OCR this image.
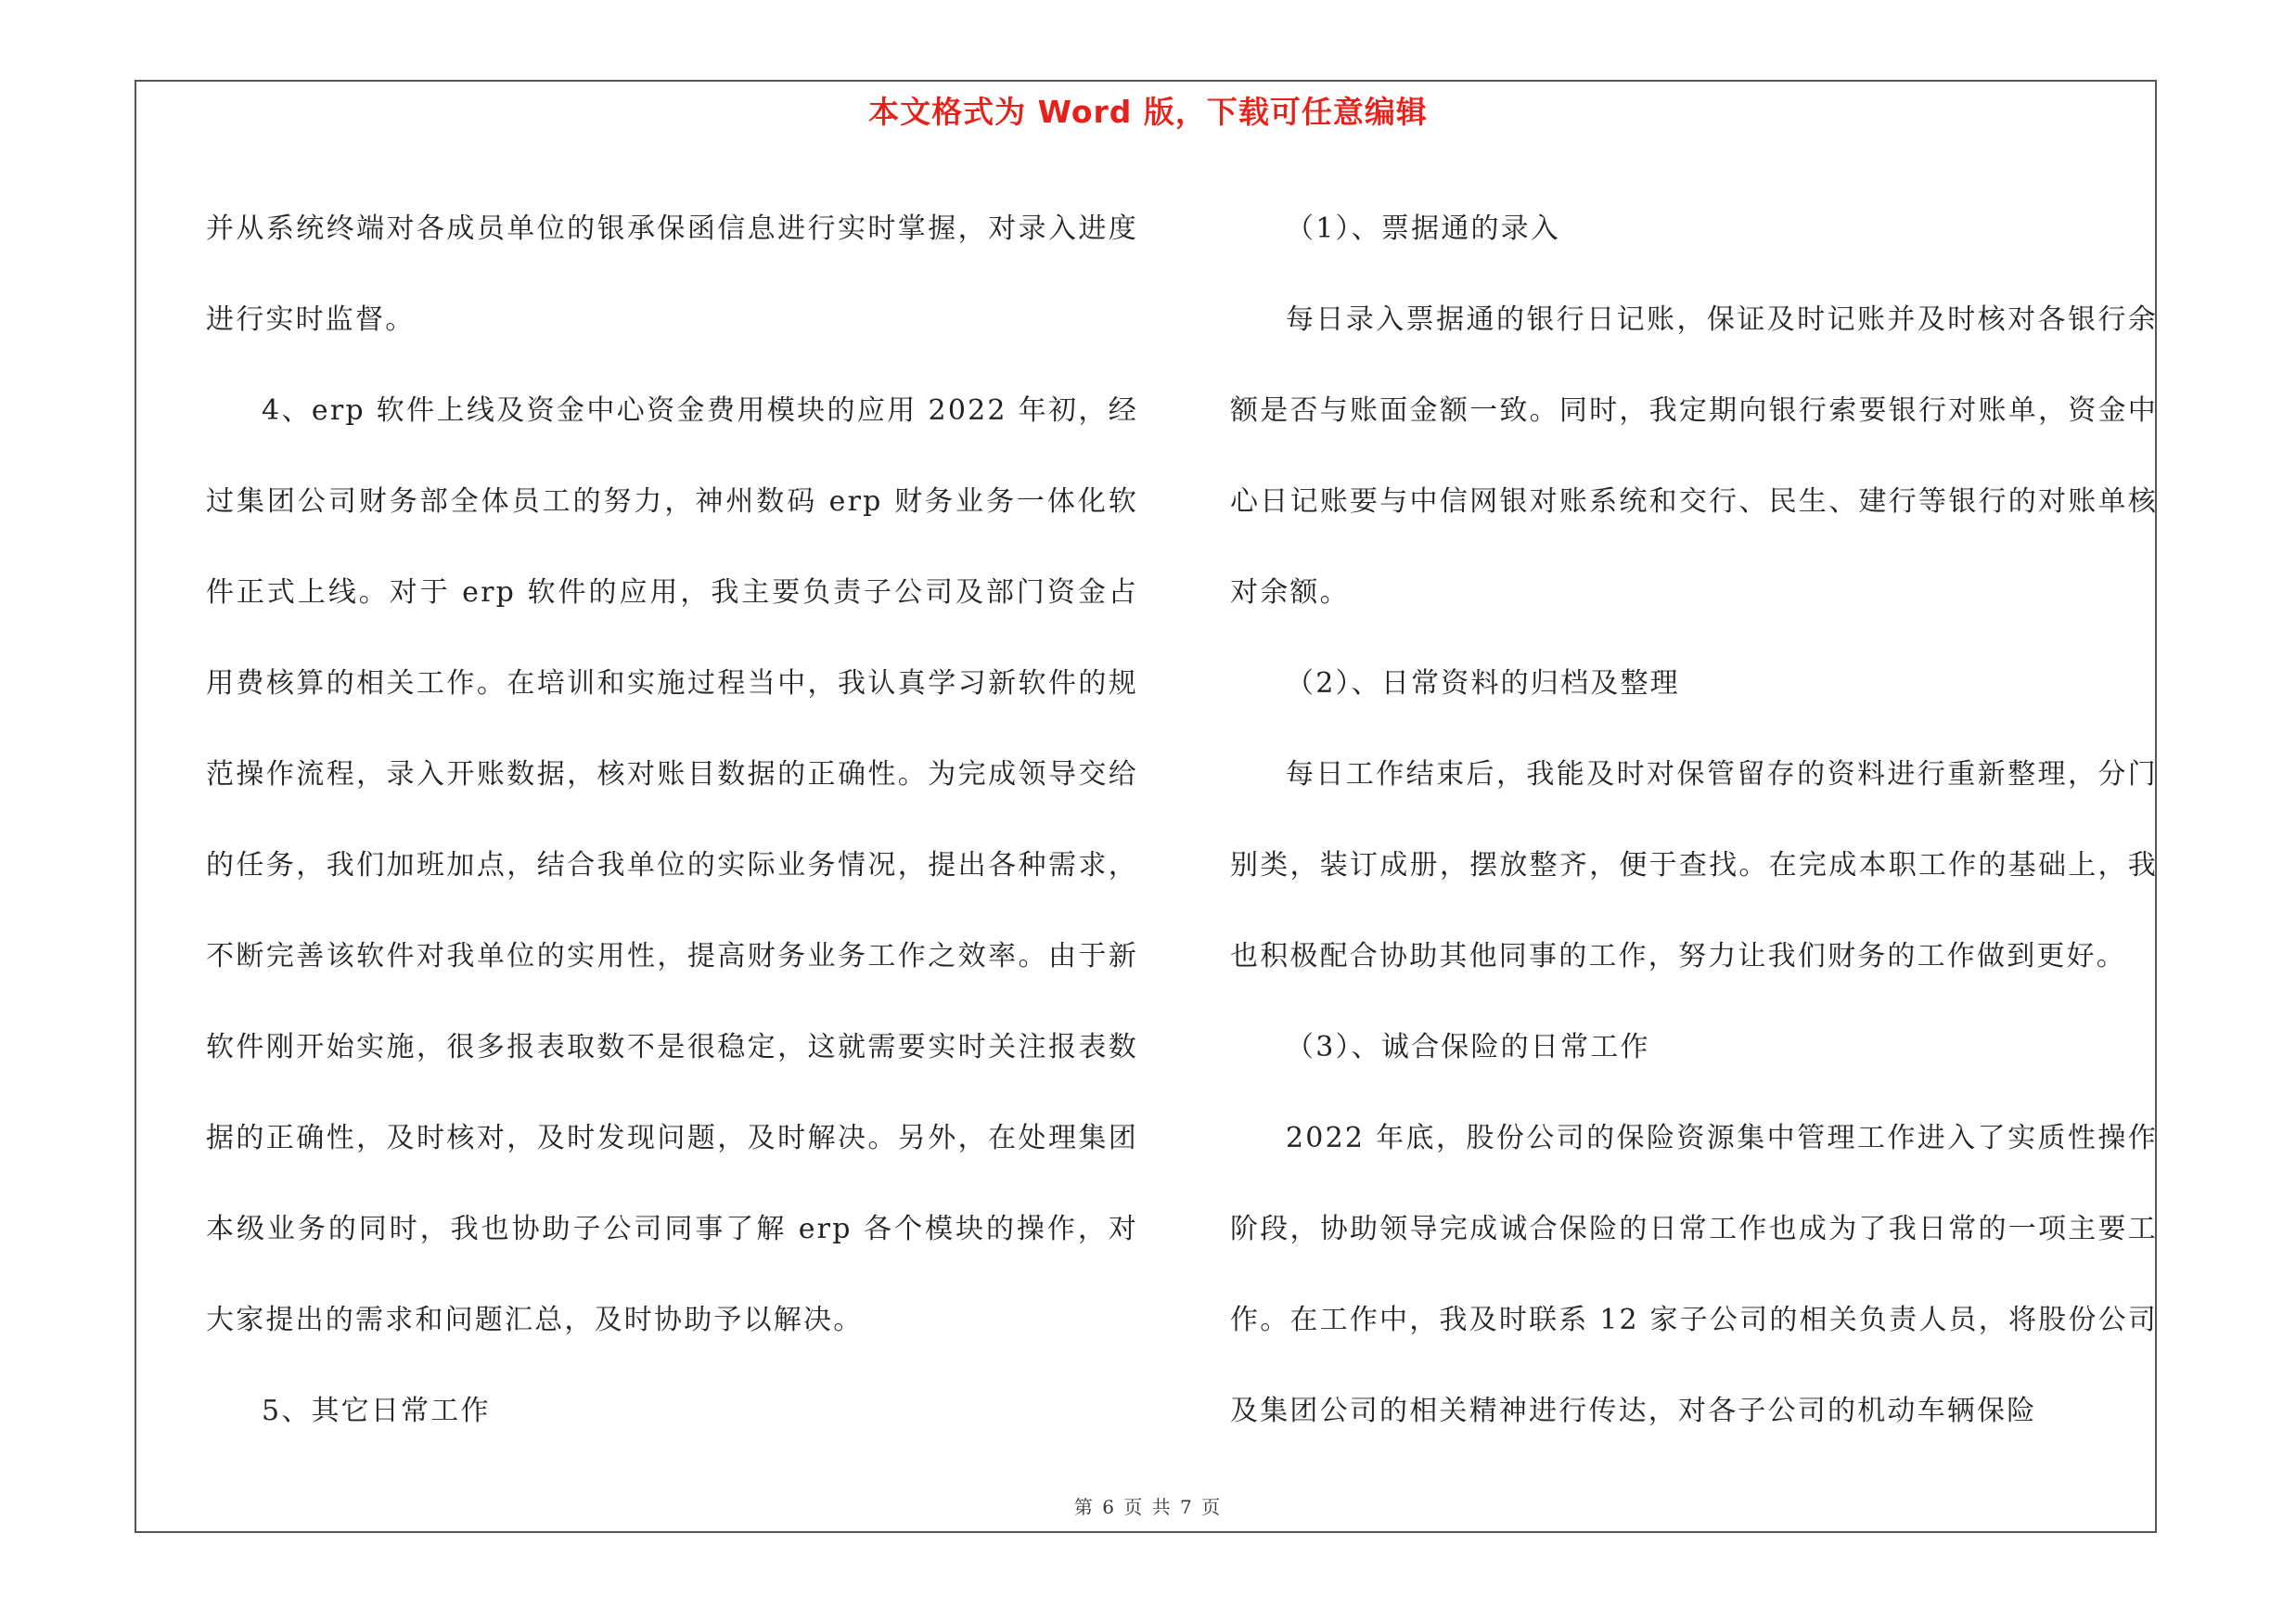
本文格式为 Word 版，下载可任意编辑

并从系统终端对各成员单位的银承保函信息进行实时掌握，对录入进度进行实时监督。

4、erp 软件上线及资金中心资金费用模块的应用 2022 年初，经过集团公司财务部全体员工的努力，神州数码 erp 财务业务一体化软件正式上线。对于 erp 软件的应用，我主要负责子公司及部门资金占用费核算的相关工作。在培训和实施过程当中，我认真学习新软件的规范操作流程，录入开账数据，核对账目数据的正确性。为完成领导交给的任务，我们加班加点，结合我单位的实际业务情况，提出各种需求，不断完善该软件对我单位的实用性，提高财务业务工作之效率。由于新软件刚开始实施，很多报表取数不是很稳定，这就需要实时关注报表数据的正确性，及时核对，及时发现问题，及时解决。另外，在处理集团本级业务的同时，我也协助子公司同事了解 erp 各个模块的操作，对大家提出的需求和问题汇总，及时协助予以解决。

5、其它日常工作

（1）、票据通的录入

每日录入票据通的银行日记账，保证及时记账并及时核对各银行余额是否与账面金额一致。同时，我定期向银行索要银行对账单，资金中心日记账要与中信网银对账系统和交行、民生、建行等银行的对账单核对余额。

（2）、日常资料的归档及整理

每日工作结束后，我能及时对保管留存的资料进行重新整理，分门别类，装订成册，摆放整齐，便于查找。在完成本职工作的基础上，我也积极配合协助其他同事的工作，努力让我们财务的工作做到更好。

（3）、诚合保险的日常工作

2022 年底，股份公司的保险资源集中管理工作进入了实质性操作阶段，协助领导完成诚合保险的日常工作也成为了我日常的一项主要工作。在工作中，我及时联系 12 家子公司的相关负责人员，将股份公司及集团公司的相关精神进行传达，对各子公司的机动车辆保险

第 6 页 共 7 页
